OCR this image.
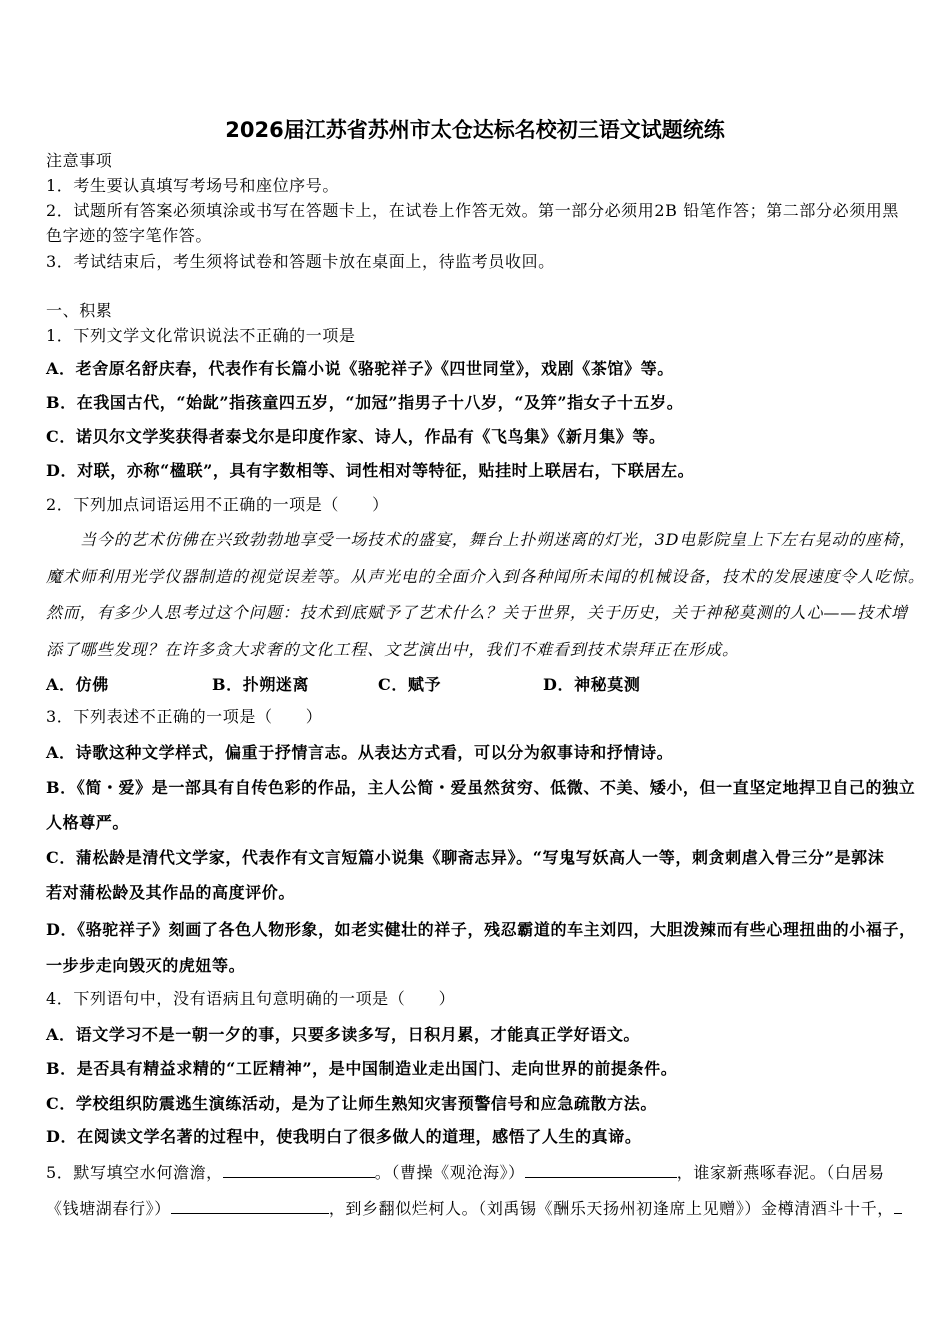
2026届江苏省苏州市太仓达标名校初三语文试题统练
注意事项
1．考生要认真填写考场号和座位序号。
2．试题所有答案必须填涂或书写在答题卡上，在试卷上作答无效。第一部分必须用2B 铅笔作答；第二部分必须用黑
色字迹的签字笔作答。
3．考试结束后，考生须将试卷和答题卡放在桌面上，待监考员收回。
一、积累
1．下列文学文化常识说法不正确的一项是
A．老舍原名舒庆春，代表作有长篇小说《骆驼祥子》《四世同堂》，戏剧《茶馆》等。
B．在我国古代，“始龀”指孩童四五岁，“加冠”指男子十八岁，“及笄”指女子十五岁。
C．诺贝尔文学奖获得者泰戈尔是印度作家、诗人，作品有《飞鸟集》《新月集》等。
D．对联，亦称“楹联”，具有字数相等、词性相对等特征，贴挂时上联居右，下联居左。
2．下列加点词语运用不正确的一项是（　　）
当今的艺术仿佛在兴致勃勃地享受一场技术的盛宴，舞台上扑朔迷离的灯光，3D电影院皇上下左右晃动的座椅，
魔术师利用光学仪器制造的视觉误差等。从声光电的全面介入到各种闻所未闻的机械设备，技术的发展速度令人吃惊。
然而，有多少人思考过这个问题：技术到底赋予了艺术什么？关于世界，关于历史，关于神秘莫测的人心——技术增
添了哪些发现？在许多贪大求奢的文化工程、文艺演出中，我们不难看到技术崇拜正在形成。
A．仿佛	B．扑朔迷离	C．赋予	D．神秘莫测
3．下列表述不正确的一项是（　　）
A．诗歌这种文学样式，偏重于抒情言志。从表达方式看，可以分为叙事诗和抒情诗。
B．《简・爱》是一部具有自传色彩的作品，主人公简・爱虽然贫穷、低微、不美、矮小，但一直坚定地捍卫自己的独立
人格尊严。
C．蒲松龄是清代文学家，代表作有文言短篇小说集《聊斋志异》。“写鬼写妖高人一等，刺贪刺虐入骨三分”是郭沫
若对蒲松龄及其作品的高度评价。
D．《骆驼祥子》刻画了各色人物形象，如老实健壮的祥子，残忍霸道的车主刘四，大胆泼辣而有些心理扭曲的小福子，
一步步走向毁灭的虎妞等。
4．下列语句中，没有语病且句意明确的一项是（　　）
A．语文学习不是一朝一夕的事，只要多读多写，日积月累，才能真正学好语文。
B．是否具有精益求精的“工匠精神”，是中国制造业走出国门、走向世界的前提条件。
C．学校组织防震逃生演练活动，是为了让师生熟知灾害预警信号和应急疏散方法。
D．在阅读文学名著的过程中，使我明白了很多做人的道理，感悟了人生的真谛。
5．默写填空水何澹澹，	。（曹操《观沧海》）	，谁家新燕啄春泥。（白居易
《钱塘湖春行》）	，到乡翻似烂柯人。（刘禹锡《酬乐天扬州初逢席上见赠》）金樽清酒斗十千，
